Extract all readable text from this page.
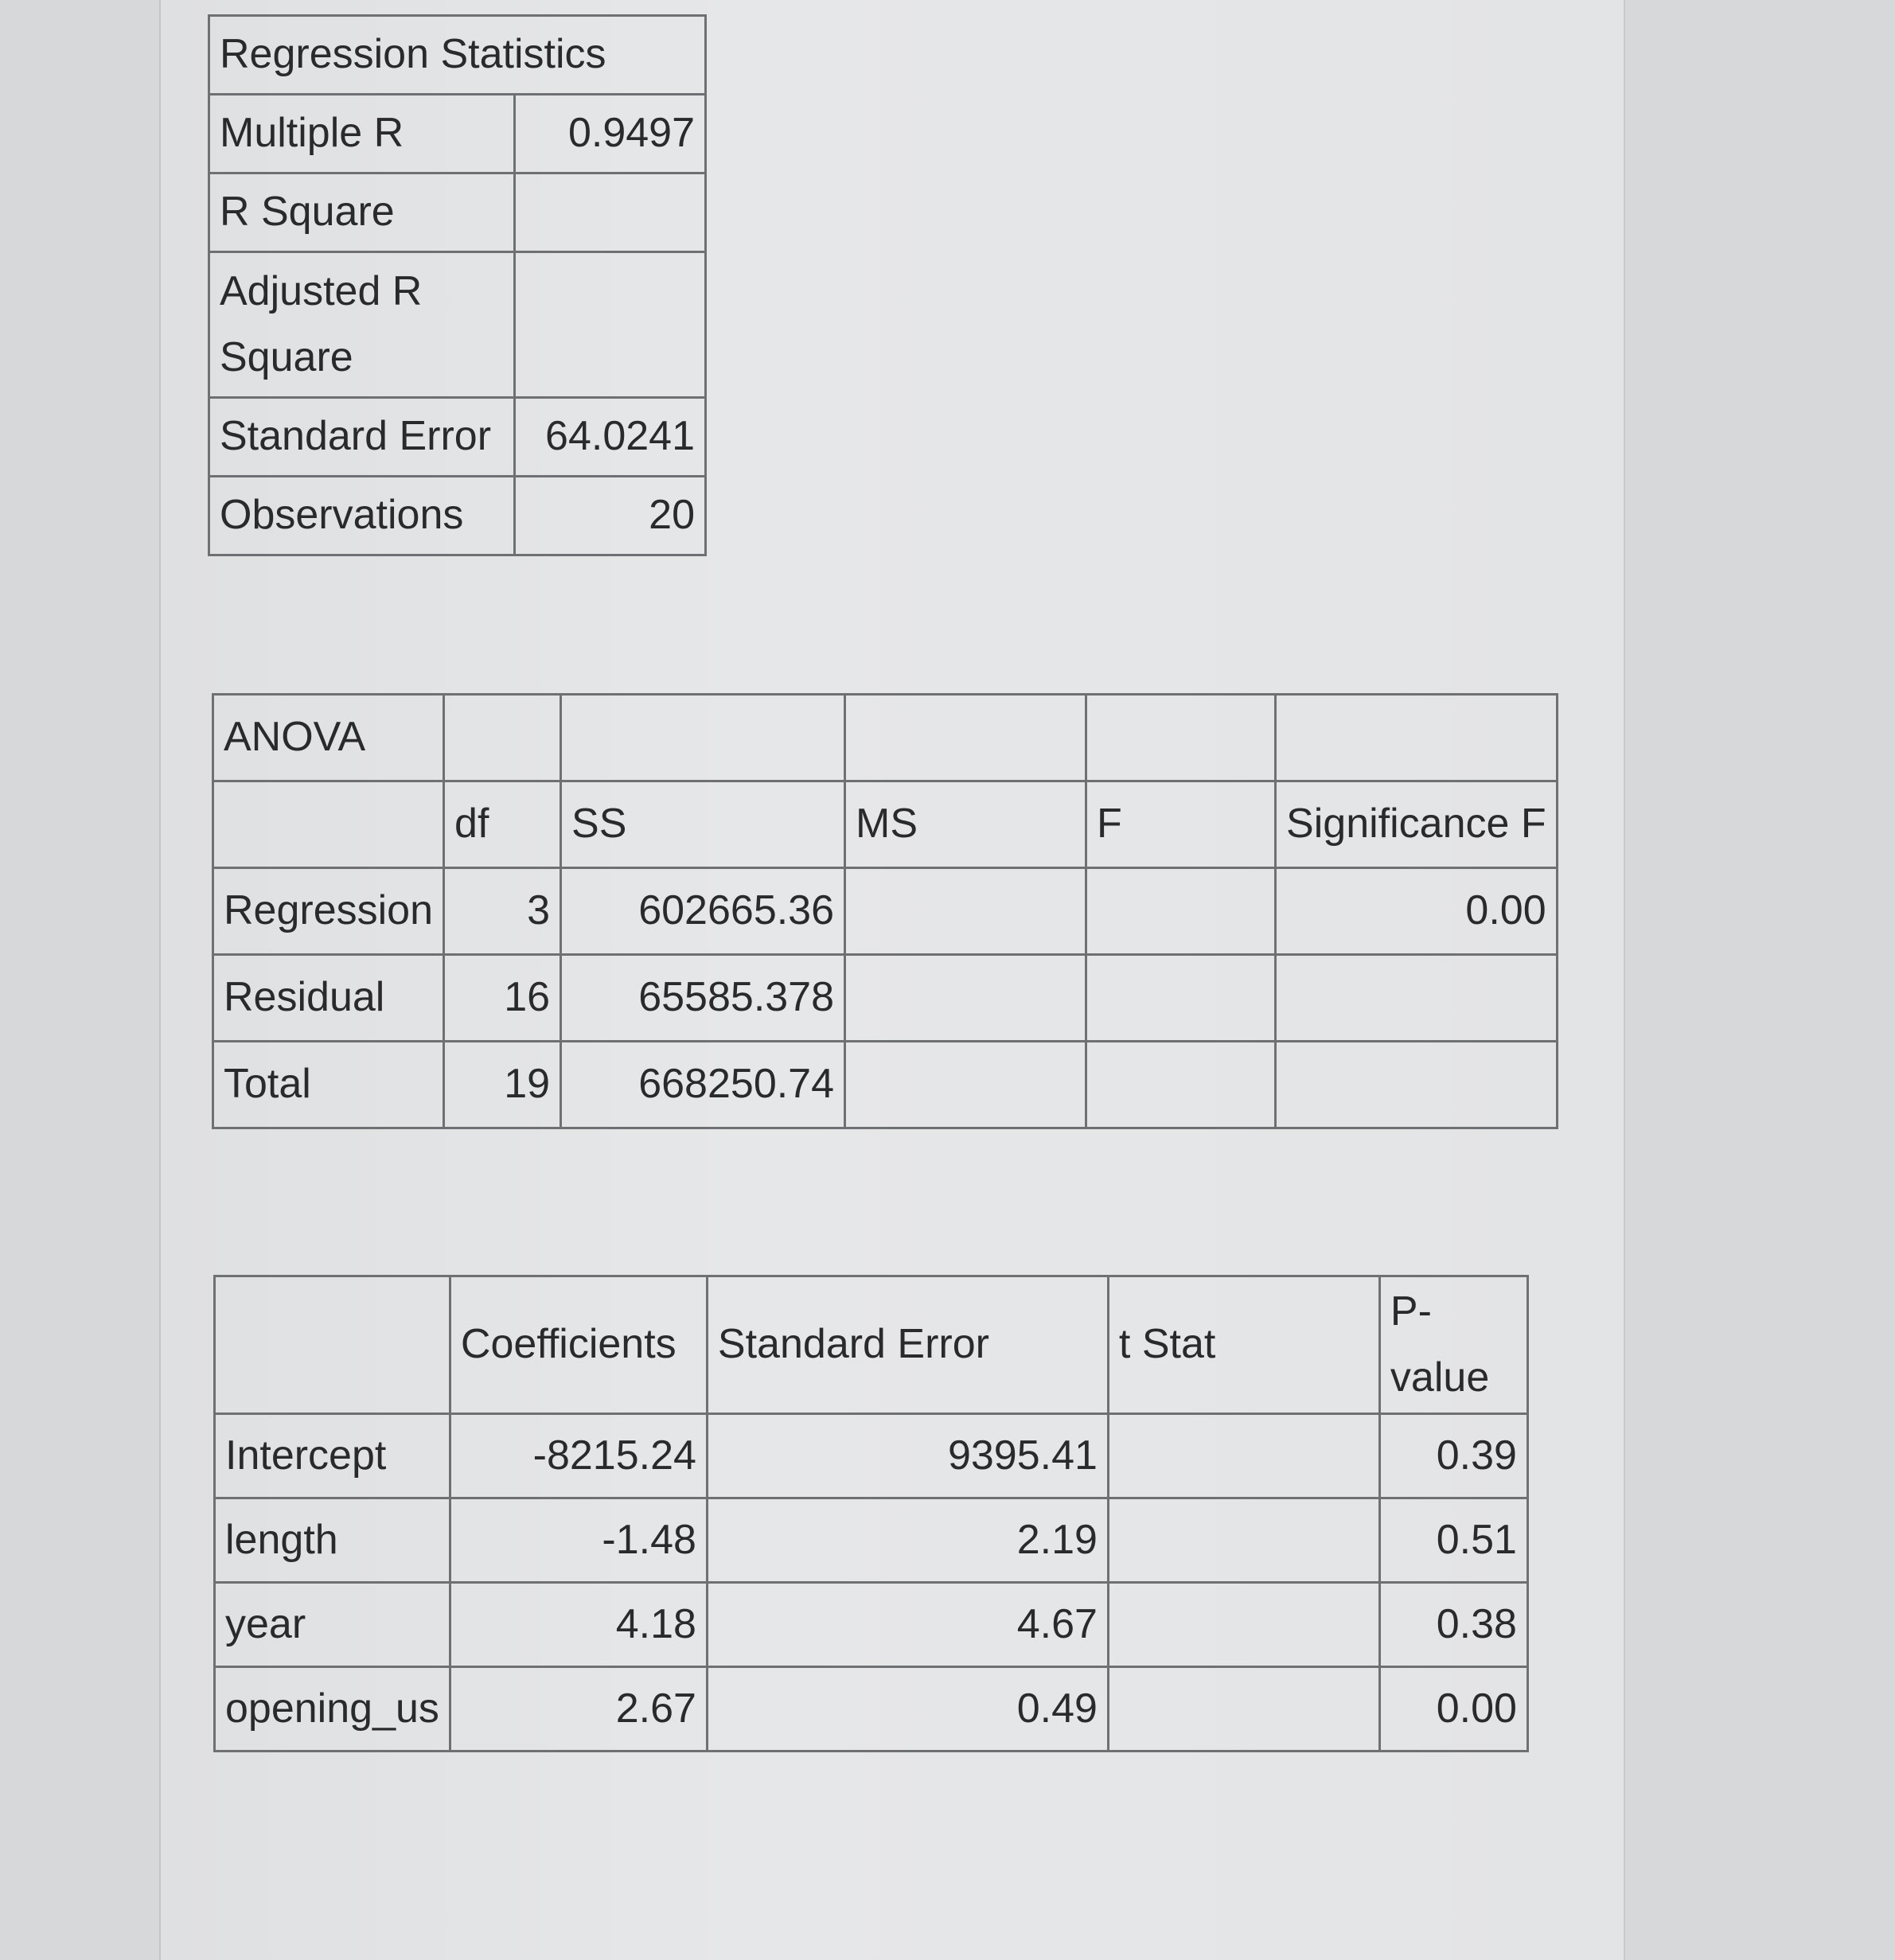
Regression Statistics	
Multiple R	0.9497
R Square	
Adjusted R Square	
Standard Error	64.0241
Observations	20
ANOVA					
	df	SS	MS	F	Significance F
Regression	3	602665.36			0.00
Residual	16	65585.378			
Total	19	668250.74			
	Coefficients	Standard Error	t Stat	P-value
Intercept	-8215.24	9395.41		0.39
length	-1.48	2.19		0.51
year	4.18	4.67		0.38
opening_us	2.67	0.49		0.00
